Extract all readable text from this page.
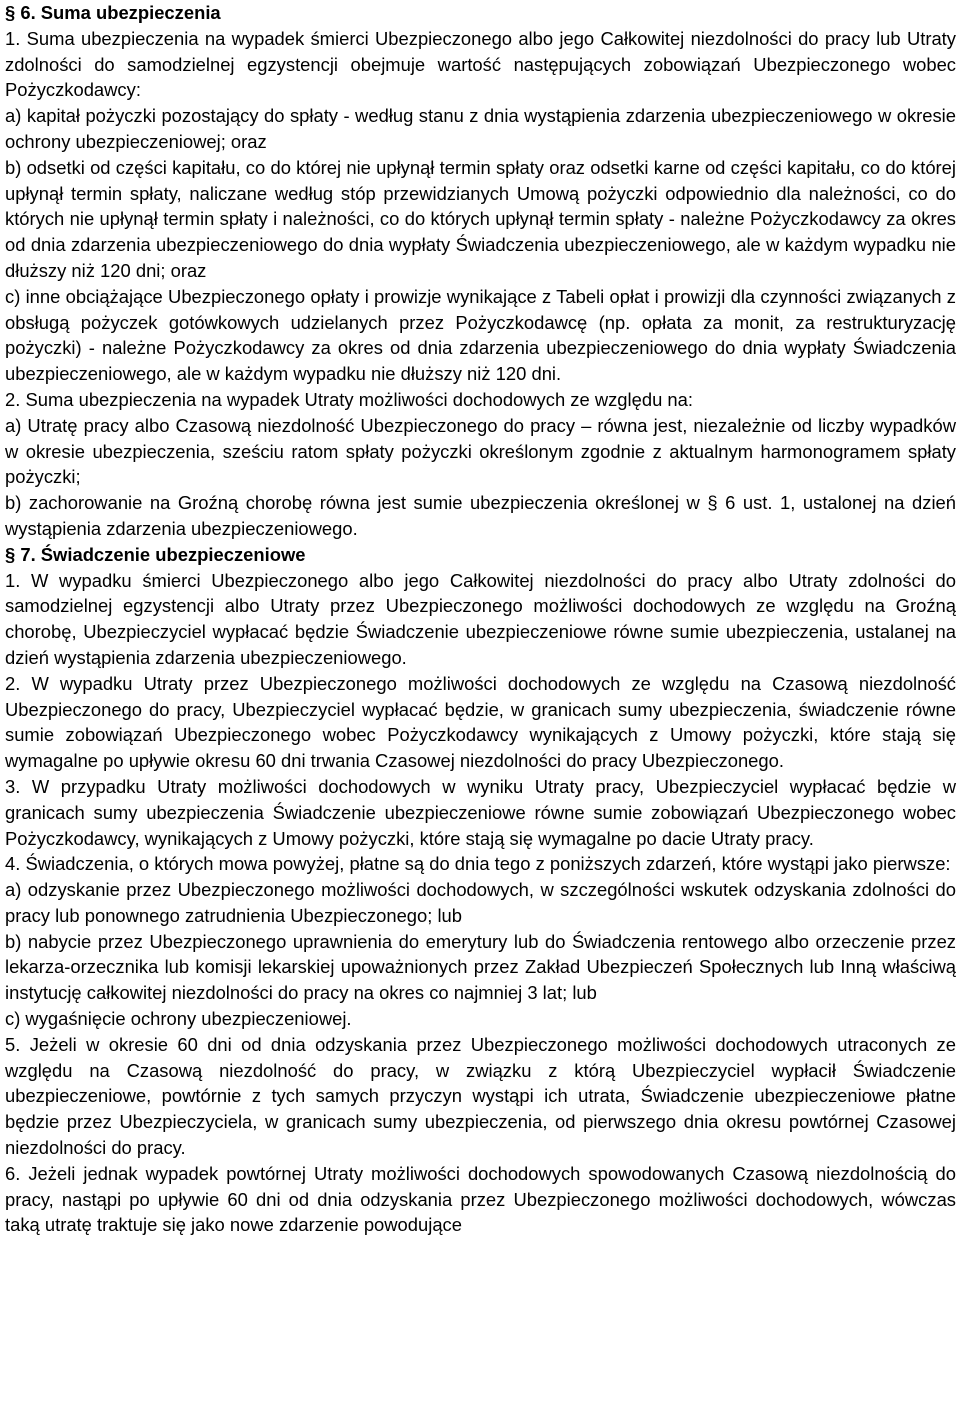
§ 6. Suma ubezpieczenia

1. Suma ubezpieczenia na wypadek śmierci Ubezpieczonego albo jego Całkowitej niezdolności do pracy lub Utraty zdolności do samodzielnej egzystencji obejmuje wartość następujących zobowiązań Ubezpieczonego wobec Pożyczkodawcy:

a) kapitał pożyczki pozostający do spłaty - według stanu z dnia wystąpienia zdarzenia ubezpieczeniowego w okresie ochrony ubezpieczeniowej; oraz

b) odsetki od części kapitału, co do której nie upłynął termin spłaty oraz odsetki karne od części kapitału, co do której upłynął termin spłaty, naliczane według stóp przewidzianych Umową pożyczki odpowiednio dla należności, co do których nie upłynął termin spłaty i należności, co do których upłynął termin spłaty - należne Pożyczkodawcy za okres od dnia zdarzenia ubezpieczeniowego do dnia wypłaty Świadczenia ubezpieczeniowego, ale w każdym wypadku nie dłuższy niż 120 dni; oraz

c) inne obciążające Ubezpieczonego opłaty i prowizje wynikające z Tabeli opłat i prowizji dla czynności związanych z obsługą pożyczek gotówkowych udzielanych przez Pożyczkodawcę (np. opłata za monit, za restrukturyzację pożyczki) - należne Pożyczkodawcy za okres od dnia zdarzenia ubezpieczeniowego do dnia wypłaty Świadczenia ubezpieczeniowego, ale w każdym wypadku nie dłuższy niż 120 dni.

2. Suma ubezpieczenia na wypadek Utraty możliwości dochodowych ze względu na:

a) Utratę pracy albo Czasową niezdolność Ubezpieczonego do pracy – równa jest, niezależnie od liczby wypadków w okresie ubezpieczenia, sześciu ratom spłaty pożyczki określonym zgodnie z aktualnym harmonogramem spłaty pożyczki;

b) zachorowanie na Groźną chorobę równa jest sumie ubezpieczenia określonej w § 6 ust. 1, ustalonej na dzień wystąpienia zdarzenia ubezpieczeniowego.

§ 7. Świadczenie ubezpieczeniowe

1. W wypadku śmierci Ubezpieczonego albo jego Całkowitej niezdolności do pracy albo Utraty zdolności do samodzielnej egzystencji albo Utraty przez Ubezpieczonego możliwości dochodowych ze względu na Groźną chorobę, Ubezpieczyciel wypłacać będzie Świadczenie ubezpieczeniowe równe sumie ubezpieczenia, ustalanej na dzień wystąpienia zdarzenia ubezpieczeniowego.

2. W wypadku Utraty przez Ubezpieczonego możliwości dochodowych ze względu na Czasową niezdolność Ubezpieczonego do pracy, Ubezpieczyciel wypłacać będzie, w granicach sumy ubezpieczenia, świadczenie równe sumie zobowiązań Ubezpieczonego wobec Pożyczkodawcy wynikających z Umowy pożyczki, które stają się wymagalne po upływie okresu 60 dni trwania Czasowej niezdolności do pracy Ubezpieczonego.

3. W przypadku Utraty możliwości dochodowych w wyniku Utraty pracy, Ubezpieczyciel wypłacać będzie w granicach sumy ubezpieczenia Świadczenie ubezpieczeniowe równe sumie zobowiązań Ubezpieczonego wobec Pożyczkodawcy, wynikających z Umowy pożyczki, które stają się wymagalne po dacie Utraty pracy.

4. Świadczenia, o których mowa powyżej, płatne są do dnia tego z poniższych zdarzeń, które wystąpi jako pierwsze:

a) odzyskanie przez Ubezpieczonego możliwości dochodowych, w szczególności wskutek odzyskania zdolności do pracy lub ponownego zatrudnienia Ubezpieczonego; lub

b) nabycie przez Ubezpieczonego uprawnienia do emerytury lub do Świadczenia rentowego albo orzeczenie przez lekarza-orzecznika lub komisji lekarskiej upoważnionych przez Zakład Ubezpieczeń Społecznych lub Inną właściwą instytucję całkowitej niezdolności do pracy na okres co najmniej 3 lat; lub

c) wygaśnięcie ochrony ubezpieczeniowej.

5. Jeżeli w okresie 60 dni od dnia odzyskania przez Ubezpieczonego możliwości dochodowych utraconych ze względu na Czasową niezdolność do pracy, w związku z którą Ubezpieczyciel wypłacił Świadczenie ubezpieczeniowe, powtórnie z tych samych przyczyn wystąpi ich utrata, Świadczenie ubezpieczeniowe płatne będzie przez Ubezpieczyciela, w granicach sumy ubezpieczenia, od pierwszego dnia okresu powtórnej Czasowej niezdolności do pracy.

6. Jeżeli jednak wypadek powtórnej Utraty możliwości dochodowych spowodowanych Czasową niezdolnością do pracy, nastąpi po upływie 60 dni od dnia odzyskania przez Ubezpieczonego możliwości dochodowych, wówczas taką utratę traktuje się jako nowe zdarzenie powodujące
